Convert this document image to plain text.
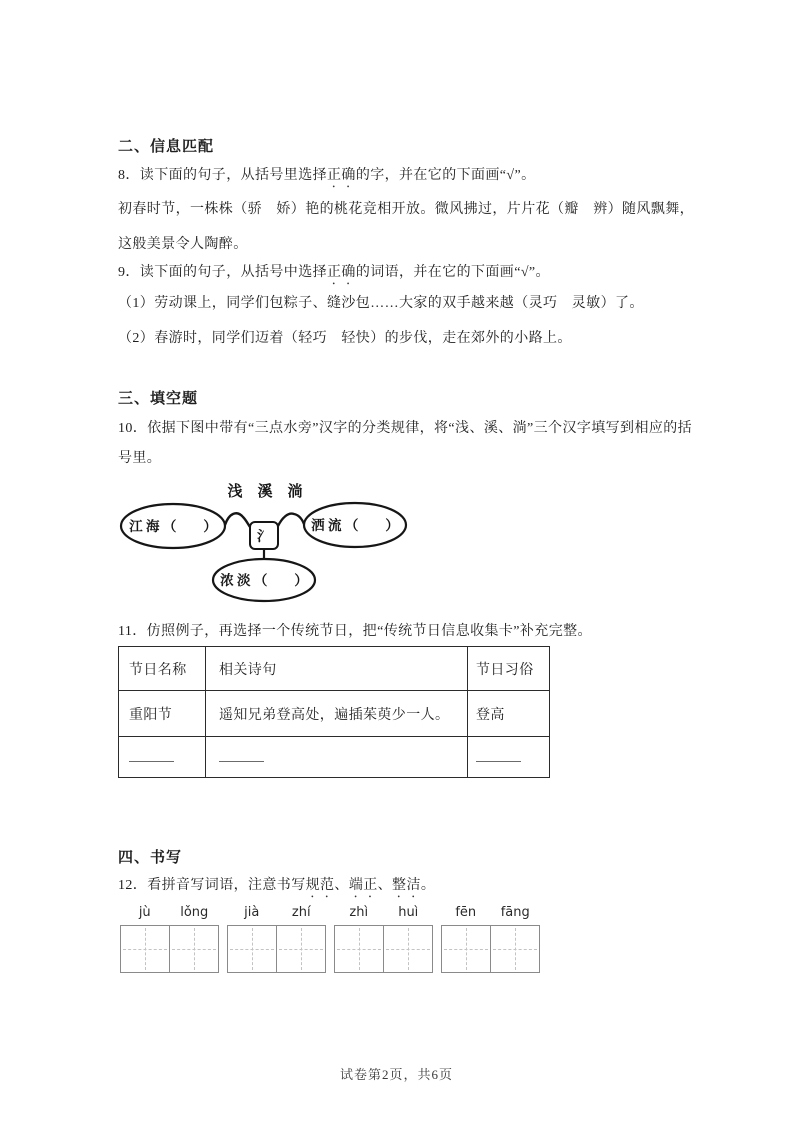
二、信息匹配
8．读下面的句子，从括号里选择正确的字，并在它的下面画“√”。
初春时节，一株株（骄　娇）艳的桃花竞相开放。微风拂过，片片花（瓣　辨）随风飘舞，
这般美景令人陶醉。
9．读下面的句子，从括号中选择正确的词语，并在它的下面画“√”。
（1）劳动课上，同学们包粽子、缝沙包……大家的双手越来越（灵巧　灵敏）了。
（2）春游时，同学们迈着（轻巧　轻快）的步伐，走在郊外的小路上。
三、填空题
10．依据下图中带有“三点水旁”汉字的分类规律，将“浅、溪、淌”三个汉字填写到相应的括
号里。
浅　溪　淌
江 海 （　　）	洒 流 （　　）
氵
浓 淡 （　　）
11．仿照例子，再选择一个传统节日，把“传统节日信息收集卡”补充完整。
节日名称	相关诗句	节日习俗
重阳节	遥知兄弟登高处，遍插茱萸少一人。	登高

四、书写
12．看拼音写词语，注意书写规范、端正、整洁。
jù	lǒng	jià	zhí	zhì	huì	fēn	fāng
试卷第2页，共6页
